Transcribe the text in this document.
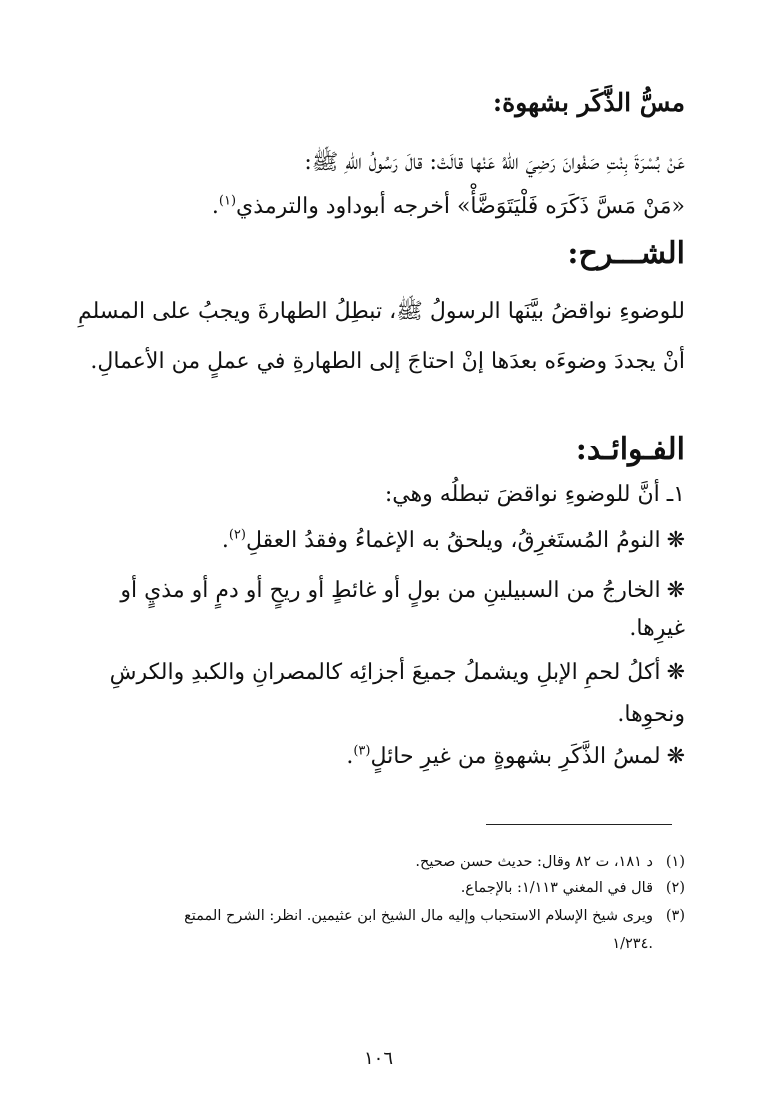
مسُّ الذَّكَر بشهوة:
عَنْ بُسْرَةَ بِنْتِ صَفْوانَ رَضِيَ اللهُ عَنْها قالَتْ: قالَ رَسُولُ اللهِ ﷺ:
«مَنْ مَسَّ ذَكَرَه فَلْيَتَوَضَّأْ» أخرجه أبوداود والترمذي$^{(١)}$.
الشـــرح:
للوضوءِ نواقضُ بيَّنَها الرسولُ ﷺ، تبطِلُ الطهارةَ ويجبُ على المسلمِ أنْ يجددَ وضوءَه بعدَها إنْ احتاجَ إلى الطهارةِ في عملٍ من الأعمالِ.
الفـوائـد:
١ـ أنَّ للوضوءِ نواقضَ تبطلُه وهي:
❋النومُ المُستَغرِقُ، ويلحقُ به الإغماءُ وفقدُ العقلِ$^{(٢)}$.
❋الخارجُ من السبيلينِ من بولٍ أو غائطٍ أو ريحٍ أو دمٍ أو مذيٍ أو
غيرِها.
❋أكلُ لحمِ الإبلِ ويشملُ جميعَ أجزائِه كالمصرانِ والكبدِ والكرشِ
ونحوِها.
❋لمسُ الذَّكَرِ بشهوةٍ من غيرِ حائلٍ$^{(٣)}$.
(١)د ١٨١، ت ٨٢ وقال: حديث حسن صحيح.
(٢)قال في المغني ١/١١٣: بالإجماع.
(٣)ويرى شيخ الإسلام الاستحباب وإليه مال الشيخ ابن عثيمين. انظر: الشرح الممتع
١/٢٣٤.
١٠٦
